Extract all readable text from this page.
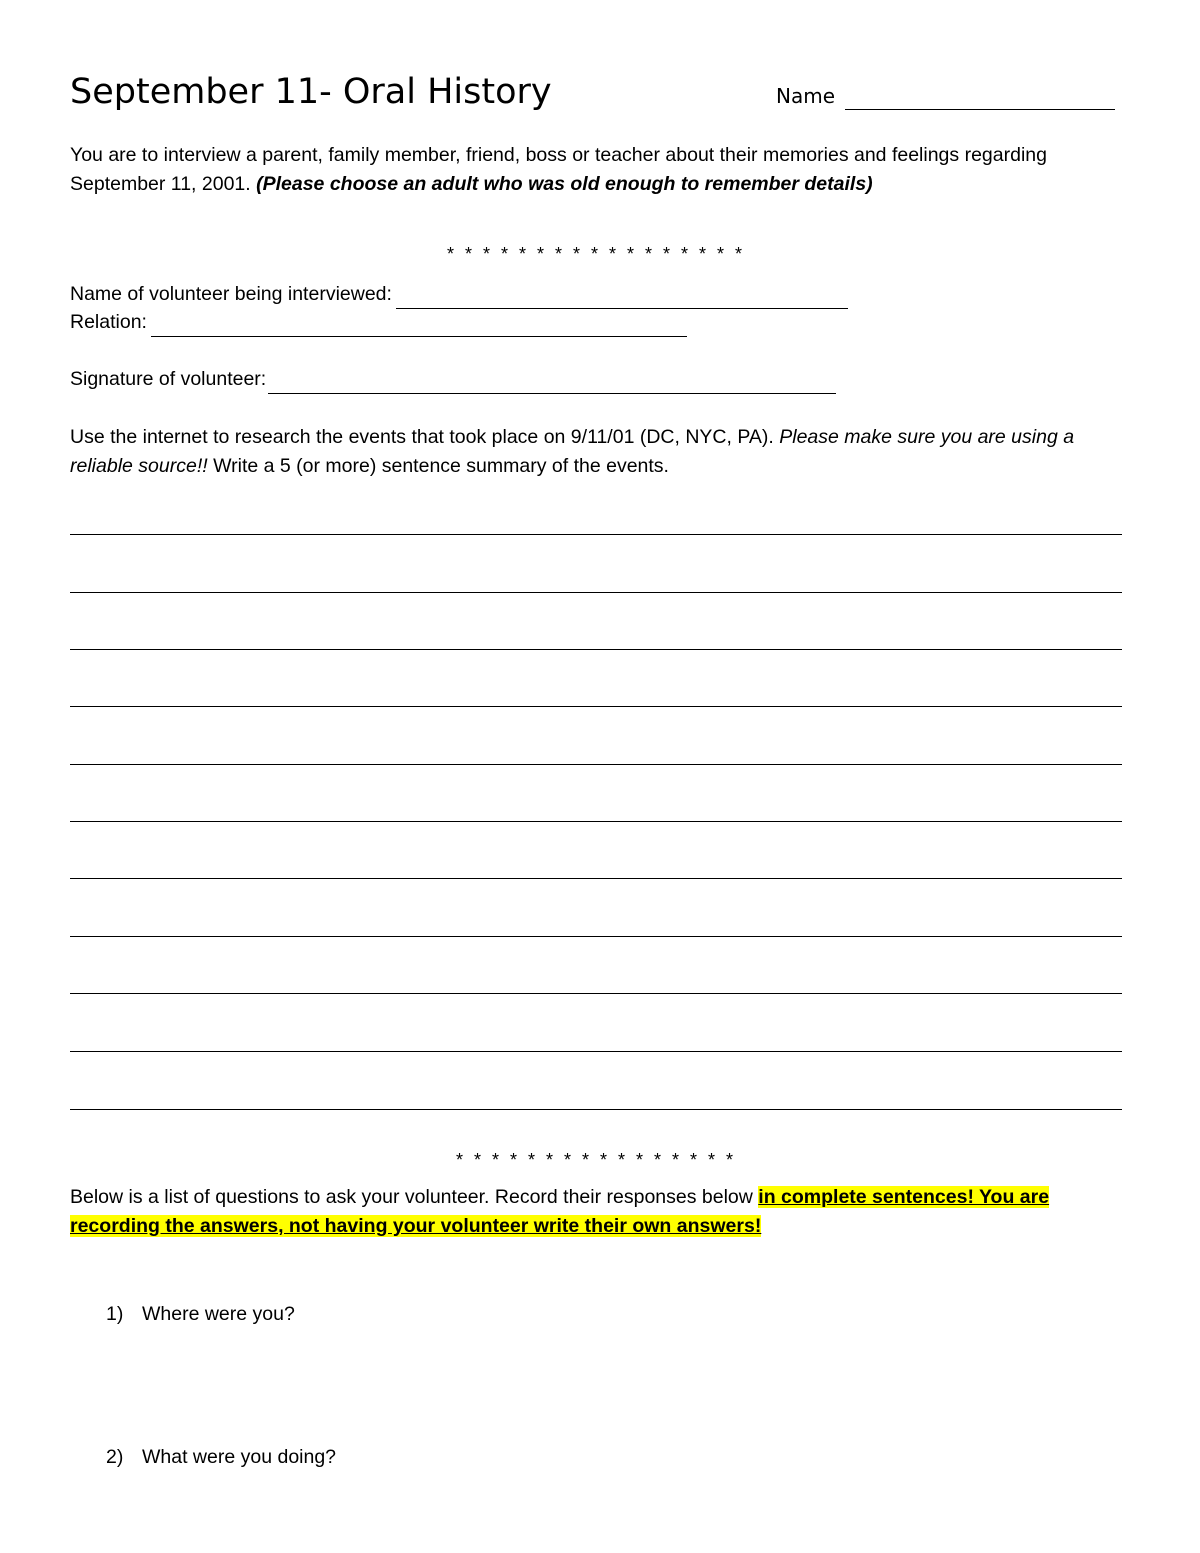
September 11- Oral History	Name
You are to interview a parent, family member, friend, boss or teacher about their memories and feelings regarding September 11, 2001. (Please choose an adult who was old enough to remember details)
* * * * * * * * * * * * * * * * *
Name of volunteer being interviewed:
Relation:
Signature of volunteer:
Use the internet to research the events that took place on 9/11/01 (DC, NYC, PA). Please make sure you are using a reliable source!! Write a 5 (or more) sentence summary of the events.
* * * * * * * * * * * * * * * *
Below is a list of questions to ask your volunteer. Record their responses below in complete sentences! You are recording the answers, not having your volunteer write their own answers!
1) Where were you?
2) What were you doing?
